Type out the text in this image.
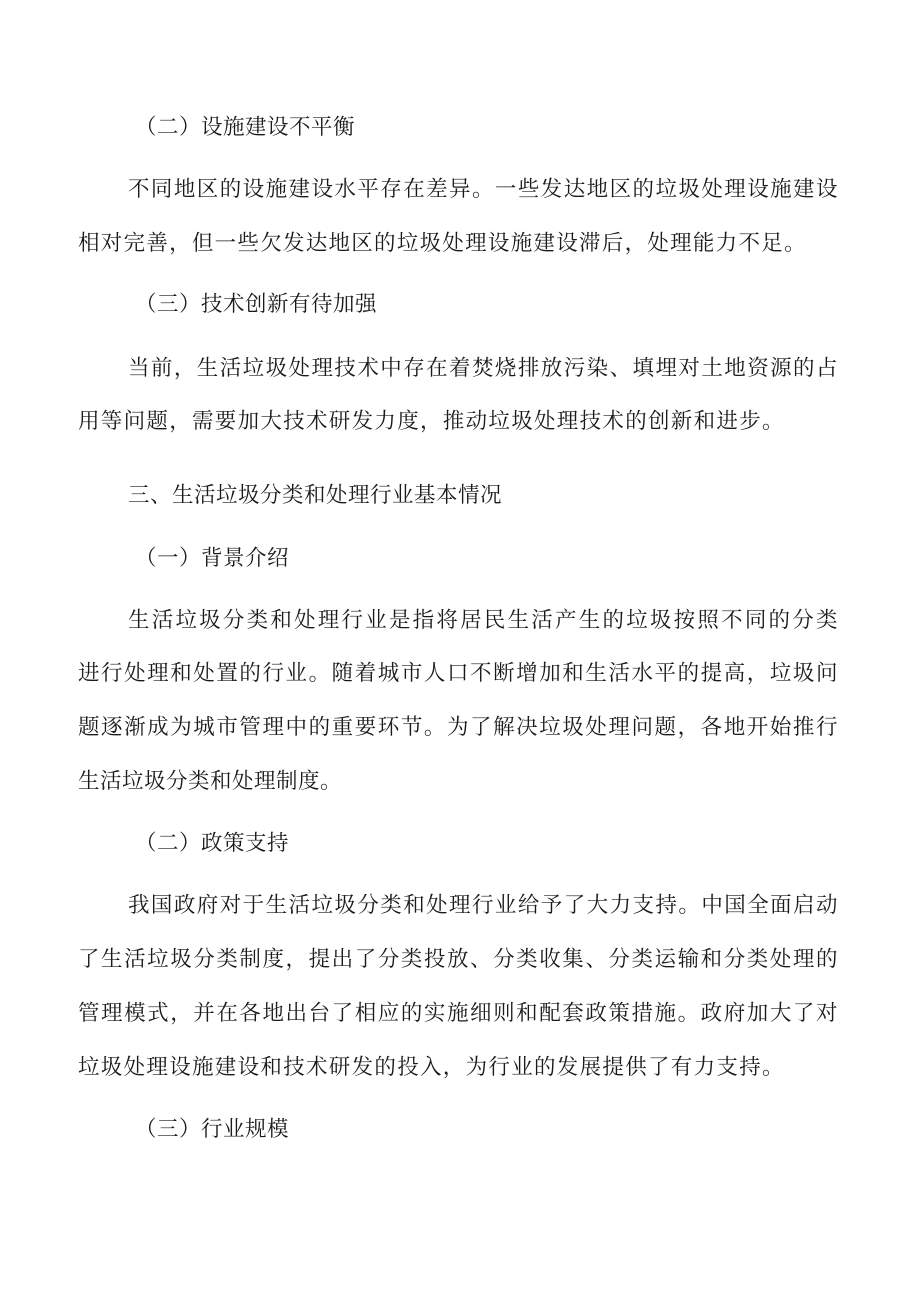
（二）设施建设不平衡
不同地区的设施建设水平存在差异。一些发达地区的垃圾处理设施建设
相对完善，但一些欠发达地区的垃圾处理设施建设滞后，处理能力不足。
（三）技术创新有待加强
当前，生活垃圾处理技术中存在着焚烧排放污染、填埋对土地资源的占
用等问题，需要加大技术研发力度，推动垃圾处理技术的创新和进步。
三、生活垃圾分类和处理行业基本情况
（一）背景介绍
生活垃圾分类和处理行业是指将居民生活产生的垃圾按照不同的分类
进行处理和处置的行业。随着城市人口不断增加和生活水平的提高，垃圾问
题逐渐成为城市管理中的重要环节。为了解决垃圾处理问题，各地开始推行
生活垃圾分类和处理制度。
（二）政策支持
我国政府对于生活垃圾分类和处理行业给予了大力支持。中国全面启动
了生活垃圾分类制度，提出了分类投放、分类收集、分类运输和分类处理的
管理模式，并在各地出台了相应的实施细则和配套政策措施。政府加大了对
垃圾处理设施建设和技术研发的投入，为行业的发展提供了有力支持。
（三）行业规模
